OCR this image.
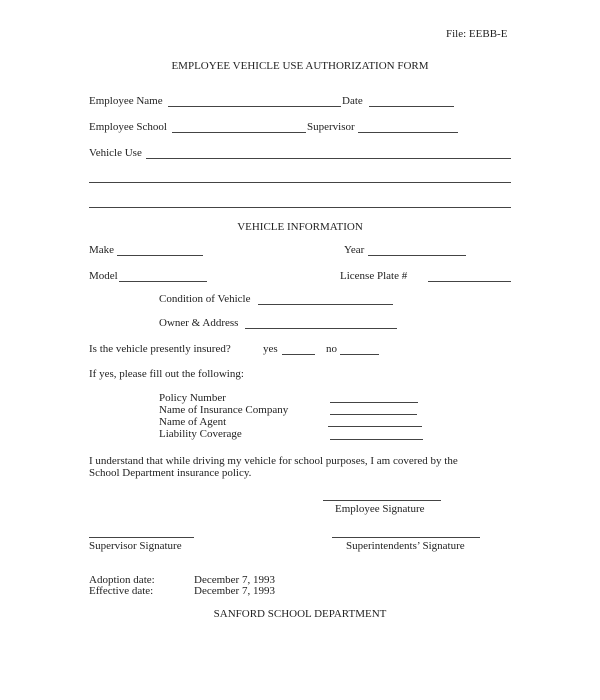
File: EEBB-E
EMPLOYEE VEHICLE USE AUTHORIZATION FORM
Employee Name	Date
Employee School	Supervisor
Vehicle Use
VEHICLE INFORMATION
Make	Year
Model	License Plate #
Condition of Vehicle
Owner & Address
Is the vehicle presently insured?	yes	no
If yes, please fill out the following:
Policy Number
Name of Insurance Company
Name of Agent
Liability Coverage
I understand that while driving my vehicle for school purposes, I am covered by the
School Department insurance policy.
Employee Signature
Supervisor Signature	Superintendents’ Signature
Adoption date:	December 7, 1993
Effective date:	December 7, 1993
SANFORD SCHOOL DEPARTMENT
